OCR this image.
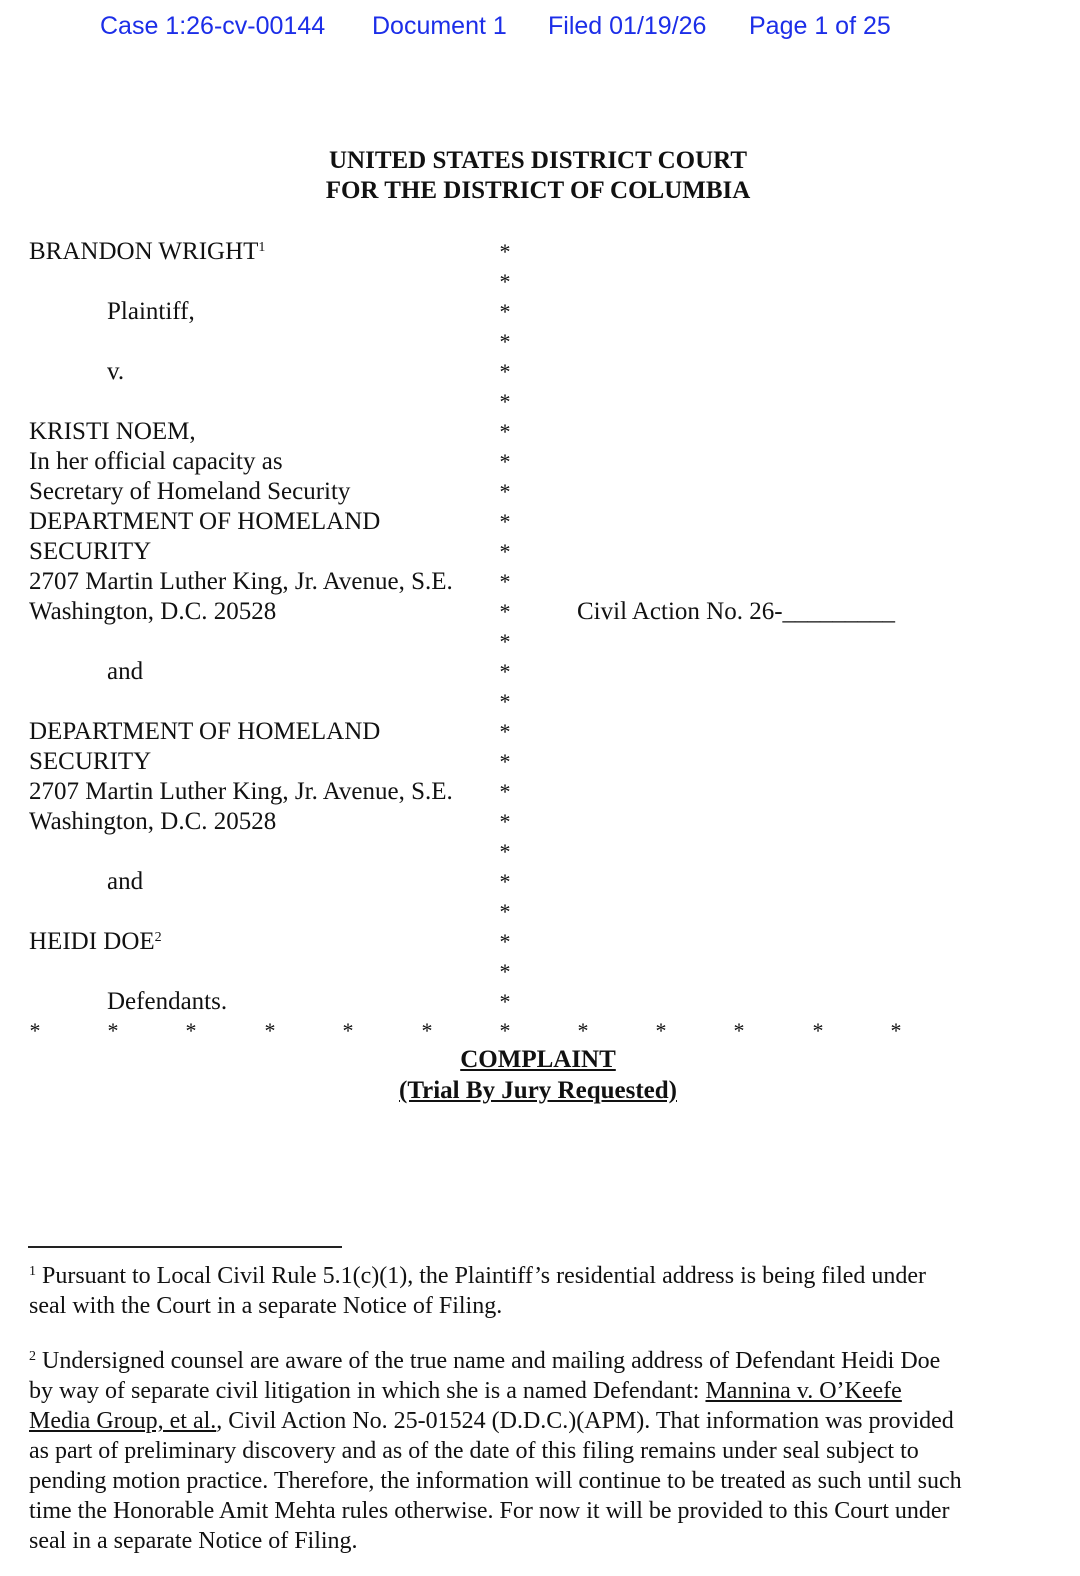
Case 1:26-cv-00144 Document 1 Filed 01/19/26 Page 1 of 25
UNITED STATES DISTRICT COURT
FOR THE DISTRICT OF COLUMBIA
BRANDON WRIGHT$^1$
Plaintiff,
v.
KRISTI NOEM,
In her official capacity as
Secretary of Homeland Security
DEPARTMENT OF HOMELAND
SECURITY
2707 Martin Luther King, Jr. Avenue, S.E.
Washington, D.C. 20528	Civil Action No. 26-_________
and
DEPARTMENT OF HOMELAND
SECURITY
2707 Martin Luther King, Jr. Avenue, S.E.
Washington, D.C. 20528
and
HEIDI DOE$^2$
Defendants.
*
*
*
*
*
*
*
*
*
*
*
*
*
*
*
*
*
*
*
*
*
*
*
*
*
*
*	*	*	*	*	*	*	*	*	*	*	*
COMPLAINT
(Trial By Jury Requested)
$^1$ Pursuant to Local Civil Rule 5.1(c)(1), the Plaintiff’s residential address is being filed under
seal with the Court in a separate Notice of Filing.
$^2$ Undersigned counsel are aware of the true name and mailing address of Defendant Heidi Doe
by way of separate civil litigation in which she is a named Defendant: Mannina v. O’Keefe
Media Group, et al., Civil Action No. 25-01524 (D.D.C.)(APM). That information was provided
as part of preliminary discovery and as of the date of this filing remains under seal subject to
pending motion practice. Therefore, the information will continue to be treated as such until such
time the Honorable Amit Mehta rules otherwise. For now it will be provided to this Court under
seal in a separate Notice of Filing.
